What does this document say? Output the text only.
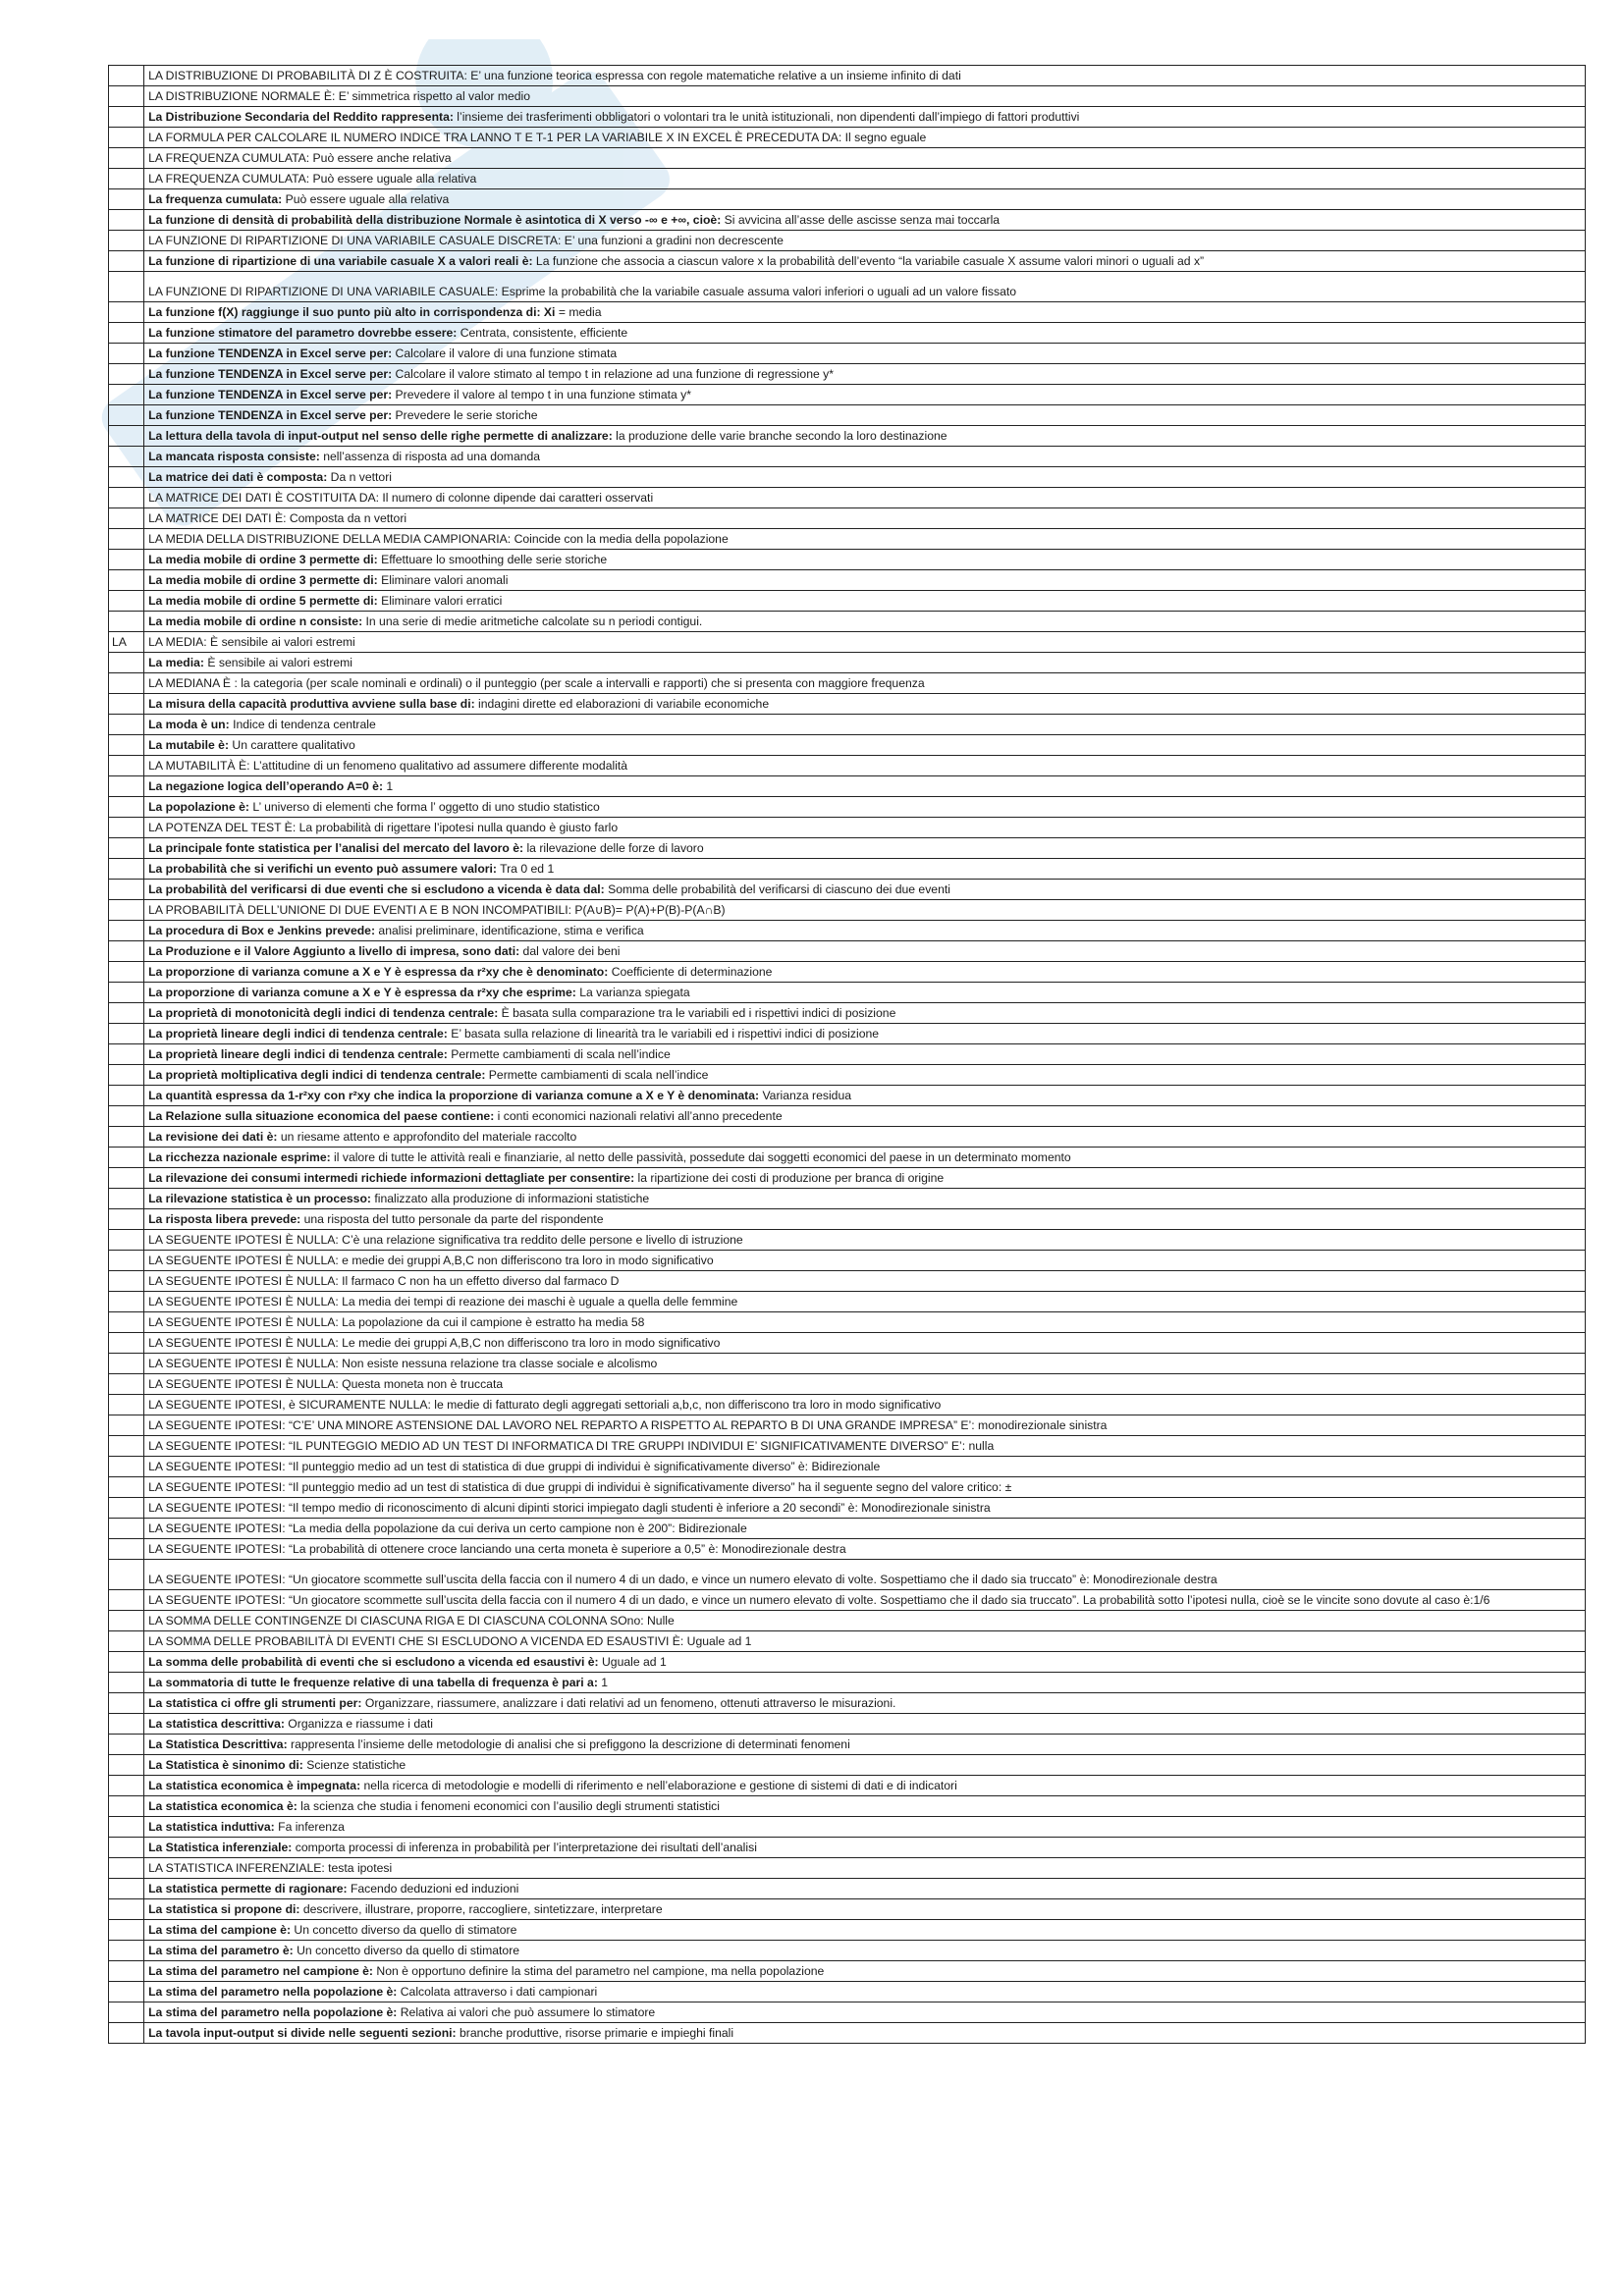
	LA DISTRIBUZIONE DI PROBABILITÀ DI Z È COSTRUITA: E’ una funzione teorica espressa con regole matematiche relative a un insieme infinito di dati
	LA DISTRIBUZIONE NORMALE È: E’ simmetrica rispetto al valor medio
	La Distribuzione Secondaria del Reddito rappresenta: l’insieme dei trasferimenti obbligatori o volontari tra le unità istituzionali, non dipendenti dall’impiego di fattori produttivi
	LA FORMULA PER CALCOLARE IL NUMERO INDICE TRA LANNO T E T-1 PER LA VARIABILE X IN EXCEL È PRECEDUTA DA: Il segno eguale
	LA FREQUENZA CUMULATA: Può essere anche relativa
	LA FREQUENZA CUMULATA: Può essere uguale alla relativa
	La frequenza cumulata: Può essere uguale alla relativa
	La funzione di densità di probabilità della distribuzione Normale è asintotica di X verso -∞ e +∞, cioè: Si avvicina all’asse delle ascisse senza mai toccarla
	LA FUNZIONE DI RIPARTIZIONE DI UNA VARIABILE CASUALE DISCRETA: E’ una funzioni a gradini non decrescente
	La funzione di ripartizione di una variabile casuale X a valori reali è: La funzione che associa a ciascun valore x la probabilità dell’evento “la variabile casuale X assume valori minori o uguali ad x”
	LA FUNZIONE DI RIPARTIZIONE DI UNA VARIABILE CASUALE: Esprime la probabilità che la variabile casuale assuma valori inferiori o uguali ad un valore fissato
	La funzione f(X) raggiunge il suo punto più alto in corrispondenza di: Xi = media
	La funzione stimatore del parametro dovrebbe essere: Centrata, consistente, efficiente
	La funzione TENDENZA in Excel serve per: Calcolare il valore di una funzione stimata
	La funzione TENDENZA in Excel serve per: Calcolare il valore stimato al tempo t in relazione ad una funzione di regressione y*
	La funzione TENDENZA in Excel serve per: Prevedere il valore al tempo t in una funzione stimata y*
	La funzione TENDENZA in Excel serve per: Prevedere le serie storiche
	La lettura della tavola di input-output nel senso delle righe permette di analizzare: la produzione delle varie branche secondo la loro destinazione
	La mancata risposta consiste: nell’assenza di risposta ad una domanda
	La matrice dei dati è composta: Da n vettori
	LA MATRICE DEI DATI È COSTITUITA DA: Il numero di colonne dipende dai caratteri osservati
	LA MATRICE DEI DATI È: Composta da n vettori
	LA MEDIA DELLA DISTRIBUZIONE DELLA MEDIA CAMPIONARIA: Coincide con la media della popolazione
	La media mobile di ordine 3 permette di: Effettuare lo smoothing delle serie storiche
	La media mobile di ordine 3 permette di: Eliminare valori anomali
	La media mobile di ordine 5 permette di: Eliminare valori erratici
	La media mobile di ordine n consiste: In una serie di medie aritmetiche calcolate su n periodi contigui.
LA	LA MEDIA: È sensibile ai valori estremi
	La media: È sensibile ai valori estremi
	LA MEDIANA È : la categoria (per scale nominali e ordinali) o il punteggio (per scale a intervalli e rapporti) che si presenta con maggiore frequenza
	La misura della capacità produttiva avviene sulla base di: indagini dirette ed elaborazioni di variabile economiche
	La moda è un: Indice di tendenza centrale
	La mutabile è: Un carattere qualitativo
	LA MUTABILITÀ È: L’attitudine di un fenomeno qualitativo ad assumere differente modalità
	La negazione logica dell’operando A=0 è: 1
	La popolazione è: L’ universo di elementi che forma l’ oggetto di uno studio statistico
	LA POTENZA DEL TEST È: La probabilità di rigettare l’ipotesi nulla quando è giusto farlo
	La principale fonte statistica per l’analisi del mercato del lavoro è: la rilevazione delle forze di lavoro
	La probabilità che si verifichi un evento può assumere valori: Tra 0 ed 1
	La probabilità del verificarsi di due eventi che si escludono a vicenda è data dal: Somma delle probabilità del verificarsi di ciascuno dei due eventi
	LA PROBABILITÀ DELL’UNIONE DI DUE EVENTI A E B NON INCOMPATIBILI: P(A∪B)= P(A)+P(B)-P(A∩B)
	La procedura di Box e Jenkins prevede: analisi preliminare, identificazione, stima e verifica
	La Produzione e il Valore Aggiunto a livello di impresa, sono dati: dal valore dei beni
	La proporzione di varianza comune a X e Y è espressa da r²xy che è denominato: Coefficiente di determinazione
	La proporzione di varianza comune a X e Y è espressa da r²xy che esprime: La varianza spiegata
	La proprietà di monotonicità degli indici di tendenza centrale: È basata sulla comparazione tra le variabili ed i rispettivi indici di posizione
	La proprietà lineare degli indici di tendenza centrale: E’ basata sulla relazione di linearità tra le variabili ed i rispettivi indici di posizione
	La proprietà lineare degli indici di tendenza centrale: Permette cambiamenti di scala nell’indice
	La proprietà moltiplicativa degli indici di tendenza centrale: Permette cambiamenti di scala nell’indice
	La quantità espressa da 1-r²xy con r²xy che indica la proporzione di varianza comune a X e Y è denominata: Varianza residua
	La Relazione sulla situazione economica del paese contiene: i conti economici nazionali relativi all’anno precedente
	La revisione dei dati è: un riesame attento e approfondito del materiale raccolto
	La ricchezza nazionale esprime: il valore di tutte le attività reali e finanziarie, al netto delle passività, possedute dai soggetti economici del paese in un determinato momento
	La rilevazione dei consumi intermedi richiede informazioni dettagliate per consentire: la ripartizione dei costi di produzione per branca di origine
	La rilevazione statistica è un processo: finalizzato alla produzione di informazioni statistiche
	La risposta libera prevede: una risposta del tutto personale da parte del rispondente
	LA SEGUENTE IPOTESI È NULLA: C’è una relazione significativa tra reddito delle persone e livello di istruzione
	LA SEGUENTE IPOTESI È NULLA: e medie dei gruppi A,B,C non differiscono tra loro in modo significativo
	LA SEGUENTE IPOTESI È NULLA: Il farmaco C non ha un effetto diverso dal farmaco D
	LA SEGUENTE IPOTESI È NULLA: La media dei tempi di reazione dei maschi è uguale a quella delle femmine
	LA SEGUENTE IPOTESI È NULLA: La popolazione da cui il campione è estratto ha media 58
	LA SEGUENTE IPOTESI È NULLA: Le medie dei gruppi A,B,C non differiscono tra loro in modo significativo
	LA SEGUENTE IPOTESI È NULLA: Non esiste nessuna relazione tra classe sociale e alcolismo
	LA SEGUENTE IPOTESI È NULLA: Questa moneta non è truccata
	LA SEGUENTE IPOTESI, è SICURAMENTE NULLA: le medie di fatturato degli aggregati settoriali a,b,c, non differiscono tra loro in modo significativo
	LA SEGUENTE IPOTESI: “C’E’ UNA MINORE ASTENSIONE DAL LAVORO NEL REPARTO A RISPETTO AL REPARTO B DI UNA GRANDE IMPRESA” E’: monodirezionale sinistra
	LA SEGUENTE IPOTESI: “IL PUNTEGGIO MEDIO AD UN TEST DI INFORMATICA DI TRE GRUPPI INDIVIDUI E’ SIGNIFICATIVAMENTE DIVERSO” E’: nulla
	LA SEGUENTE IPOTESI: “Il punteggio medio ad un test di statistica di due gruppi di individui è significativamente diverso” è: Bidirezionale
	LA SEGUENTE IPOTESI: “Il punteggio medio ad un test di statistica di due gruppi di individui è significativamente diverso” ha il seguente segno del valore critico: ±
	LA SEGUENTE IPOTESI: “Il tempo medio di riconoscimento di alcuni dipinti storici impiegato dagli studenti è inferiore a 20 secondi” è: Monodirezionale sinistra
	LA SEGUENTE IPOTESI: “La media della popolazione da cui deriva un certo campione non è 200”: Bidirezionale
	LA SEGUENTE IPOTESI: “La probabilità di ottenere croce lanciando una certa moneta è superiore a 0,5” è: Monodirezionale destra
	LA SEGUENTE IPOTESI: “Un giocatore scommette sull’uscita della faccia con il numero 4 di un dado, e vince un numero elevato di volte. Sospettiamo che il dado sia truccato” è: Monodirezionale destra
	LA SEGUENTE IPOTESI: “Un giocatore scommette sull’uscita della faccia con il numero 4 di un dado, e vince un numero elevato di volte. Sospettiamo che il dado sia truccato”. La probabilità sotto l’ipotesi nulla, cioè se le vincite sono dovute al caso è:1/6
	LA SOMMA DELLE CONTINGENZE DI CIASCUNA RIGA E DI CIASCUNA COLONNA SOno: Nulle
	LA SOMMA DELLE PROBABILITÀ DI EVENTI CHE SI ESCLUDONO A VICENDA ED ESAUSTIVI È: Uguale ad 1
	La somma delle probabilità di eventi che si escludono a vicenda ed esaustivi è: Uguale ad 1
	La sommatoria di tutte le frequenze relative di una tabella di frequenza è pari a: 1
	La statistica ci offre gli strumenti per: Organizzare, riassumere, analizzare i dati relativi ad un fenomeno, ottenuti attraverso le misurazioni.
	La statistica descrittiva: Organizza e riassume i dati
	La Statistica Descrittiva: rappresenta l’insieme delle metodologie di analisi che si prefiggono la descrizione di determinati fenomeni
	La Statistica è sinonimo di: Scienze statistiche
	La statistica economica è impegnata: nella ricerca di metodologie e modelli di riferimento e nell’elaborazione e gestione di sistemi di dati e di indicatori
	La statistica economica è: la scienza che studia i fenomeni economici con l’ausilio degli strumenti statistici
	La statistica induttiva: Fa inferenza
	La Statistica inferenziale: comporta processi di inferenza in probabilità per l’interpretazione dei risultati dell’analisi
	LA STATISTICA INFERENZIALE: testa ipotesi
	La statistica permette di ragionare: Facendo deduzioni ed induzioni
	La statistica si propone di: descrivere, illustrare, proporre, raccogliere, sintetizzare, interpretare
	La stima del campione è: Un concetto diverso da quello di stimatore
	La stima del parametro è: Un concetto diverso da quello di stimatore
	La stima del parametro nel campione è: Non è opportuno definire la stima del parametro nel campione, ma nella popolazione
	La stima del parametro nella popolazione è: Calcolata attraverso i dati campionari
	La stima del parametro nella popolazione è: Relativa ai valori che può assumere lo stimatore
	La tavola input-output si divide nelle seguenti sezioni: branche produttive, risorse primarie e impieghi finali
